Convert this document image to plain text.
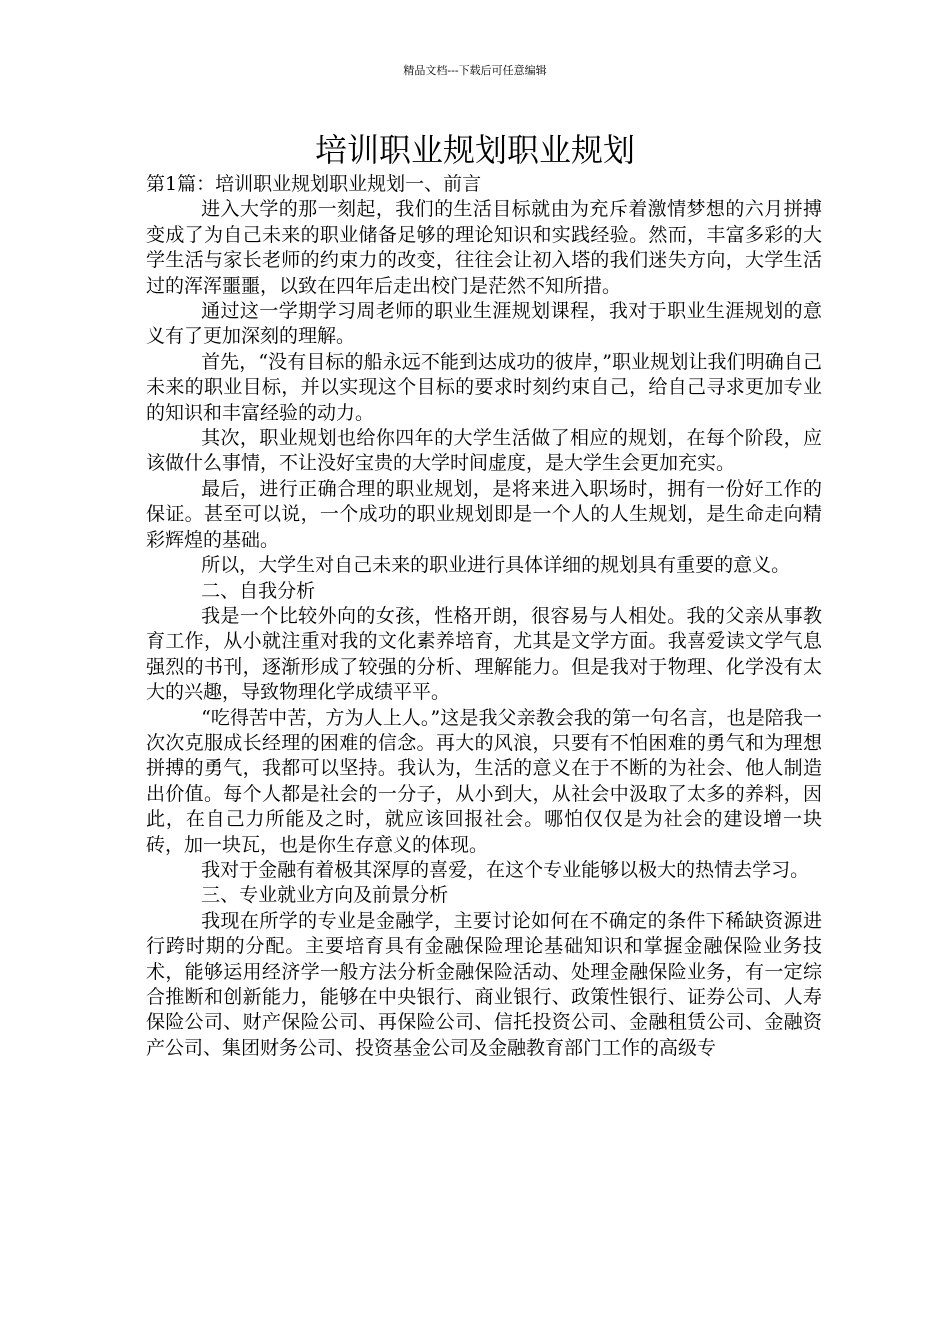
精品文档---下载后可任意编辑
培训职业规划职业规划

第1篇：培训职业规划职业规划一、前言

进入大学的那一刻起，我们的生活目标就由为充斥着激情梦想的六月拼搏变成了为自己未来的职业储备足够的理论知识和实践经验。然而，丰富多彩的大学生活与家长老师的约束力的改变，往往会让初入塔的我们迷失方向，大学生活过的浑浑噩噩，以致在四年后走出校门是茫然不知所措。

通过这一学期学习周老师的职业生涯规划课程，我对于职业生涯规划的意义有了更加深刻的理解。

首先，“没有目标的船永远不能到达成功的彼岸，”职业规划让我们明确自己未来的职业目标，并以实现这个目标的要求时刻约束自己，给自己寻求更加专业的知识和丰富经验的动力。

其次，职业规划也给你四年的大学生活做了相应的规划，在每个阶段，应该做什么事情，不让没好宝贵的大学时间虚度，是大学生会更加充实。

最后，进行正确合理的职业规划，是将来进入职场时，拥有一份好工作的保证。甚至可以说，一个成功的职业规划即是一个人的人生规划，是生命走向精彩辉煌的基础。

所以，大学生对自己未来的职业进行具体详细的规划具有重要的意义。

二、自我分析

我是一个比较外向的女孩，性格开朗，很容易与人相处。我的父亲从事教育工作，从小就注重对我的文化素养培育，尤其是文学方面。我喜爱读文学气息强烈的书刊，逐渐形成了较强的分析、理解能力。但是我对于物理、化学没有太大的兴趣，导致物理化学成绩平平。

“吃得苦中苦，方为人上人。”这是我父亲教会我的第一句名言，也是陪我一次次克服成长经理的困难的信念。再大的风浪，只要有不怕困难的勇气和为理想拼搏的勇气，我都可以坚持。我认为，生活的意义在于不断的为社会、他人制造出价值。每个人都是社会的一分子，从小到大，从社会中汲取了太多的养料，因此，在自己力所能及之时，就应该回报社会。哪怕仅仅是为社会的建设增一块砖，加一块瓦，也是你生存意义的体现。

我对于金融有着极其深厚的喜爱，在这个专业能够以极大的热情去学习。

三、专业就业方向及前景分析

我现在所学的专业是金融学，主要讨论如何在不确定的条件下稀缺资源进行跨时期的分配。主要培育具有金融保险理论基础知识和掌握金融保险业务技术，能够运用经济学一般方法分析金融保险活动、处理金融保险业务，有一定综合推断和创新能力，能够在中央银行、商业银行、政策性银行、证券公司、人寿保险公司、财产保险公司、再保险公司、信托投资公司、金融租赁公司、金融资产公司、集团财务公司、投资基金公司及金融教育部门工作的高级专
